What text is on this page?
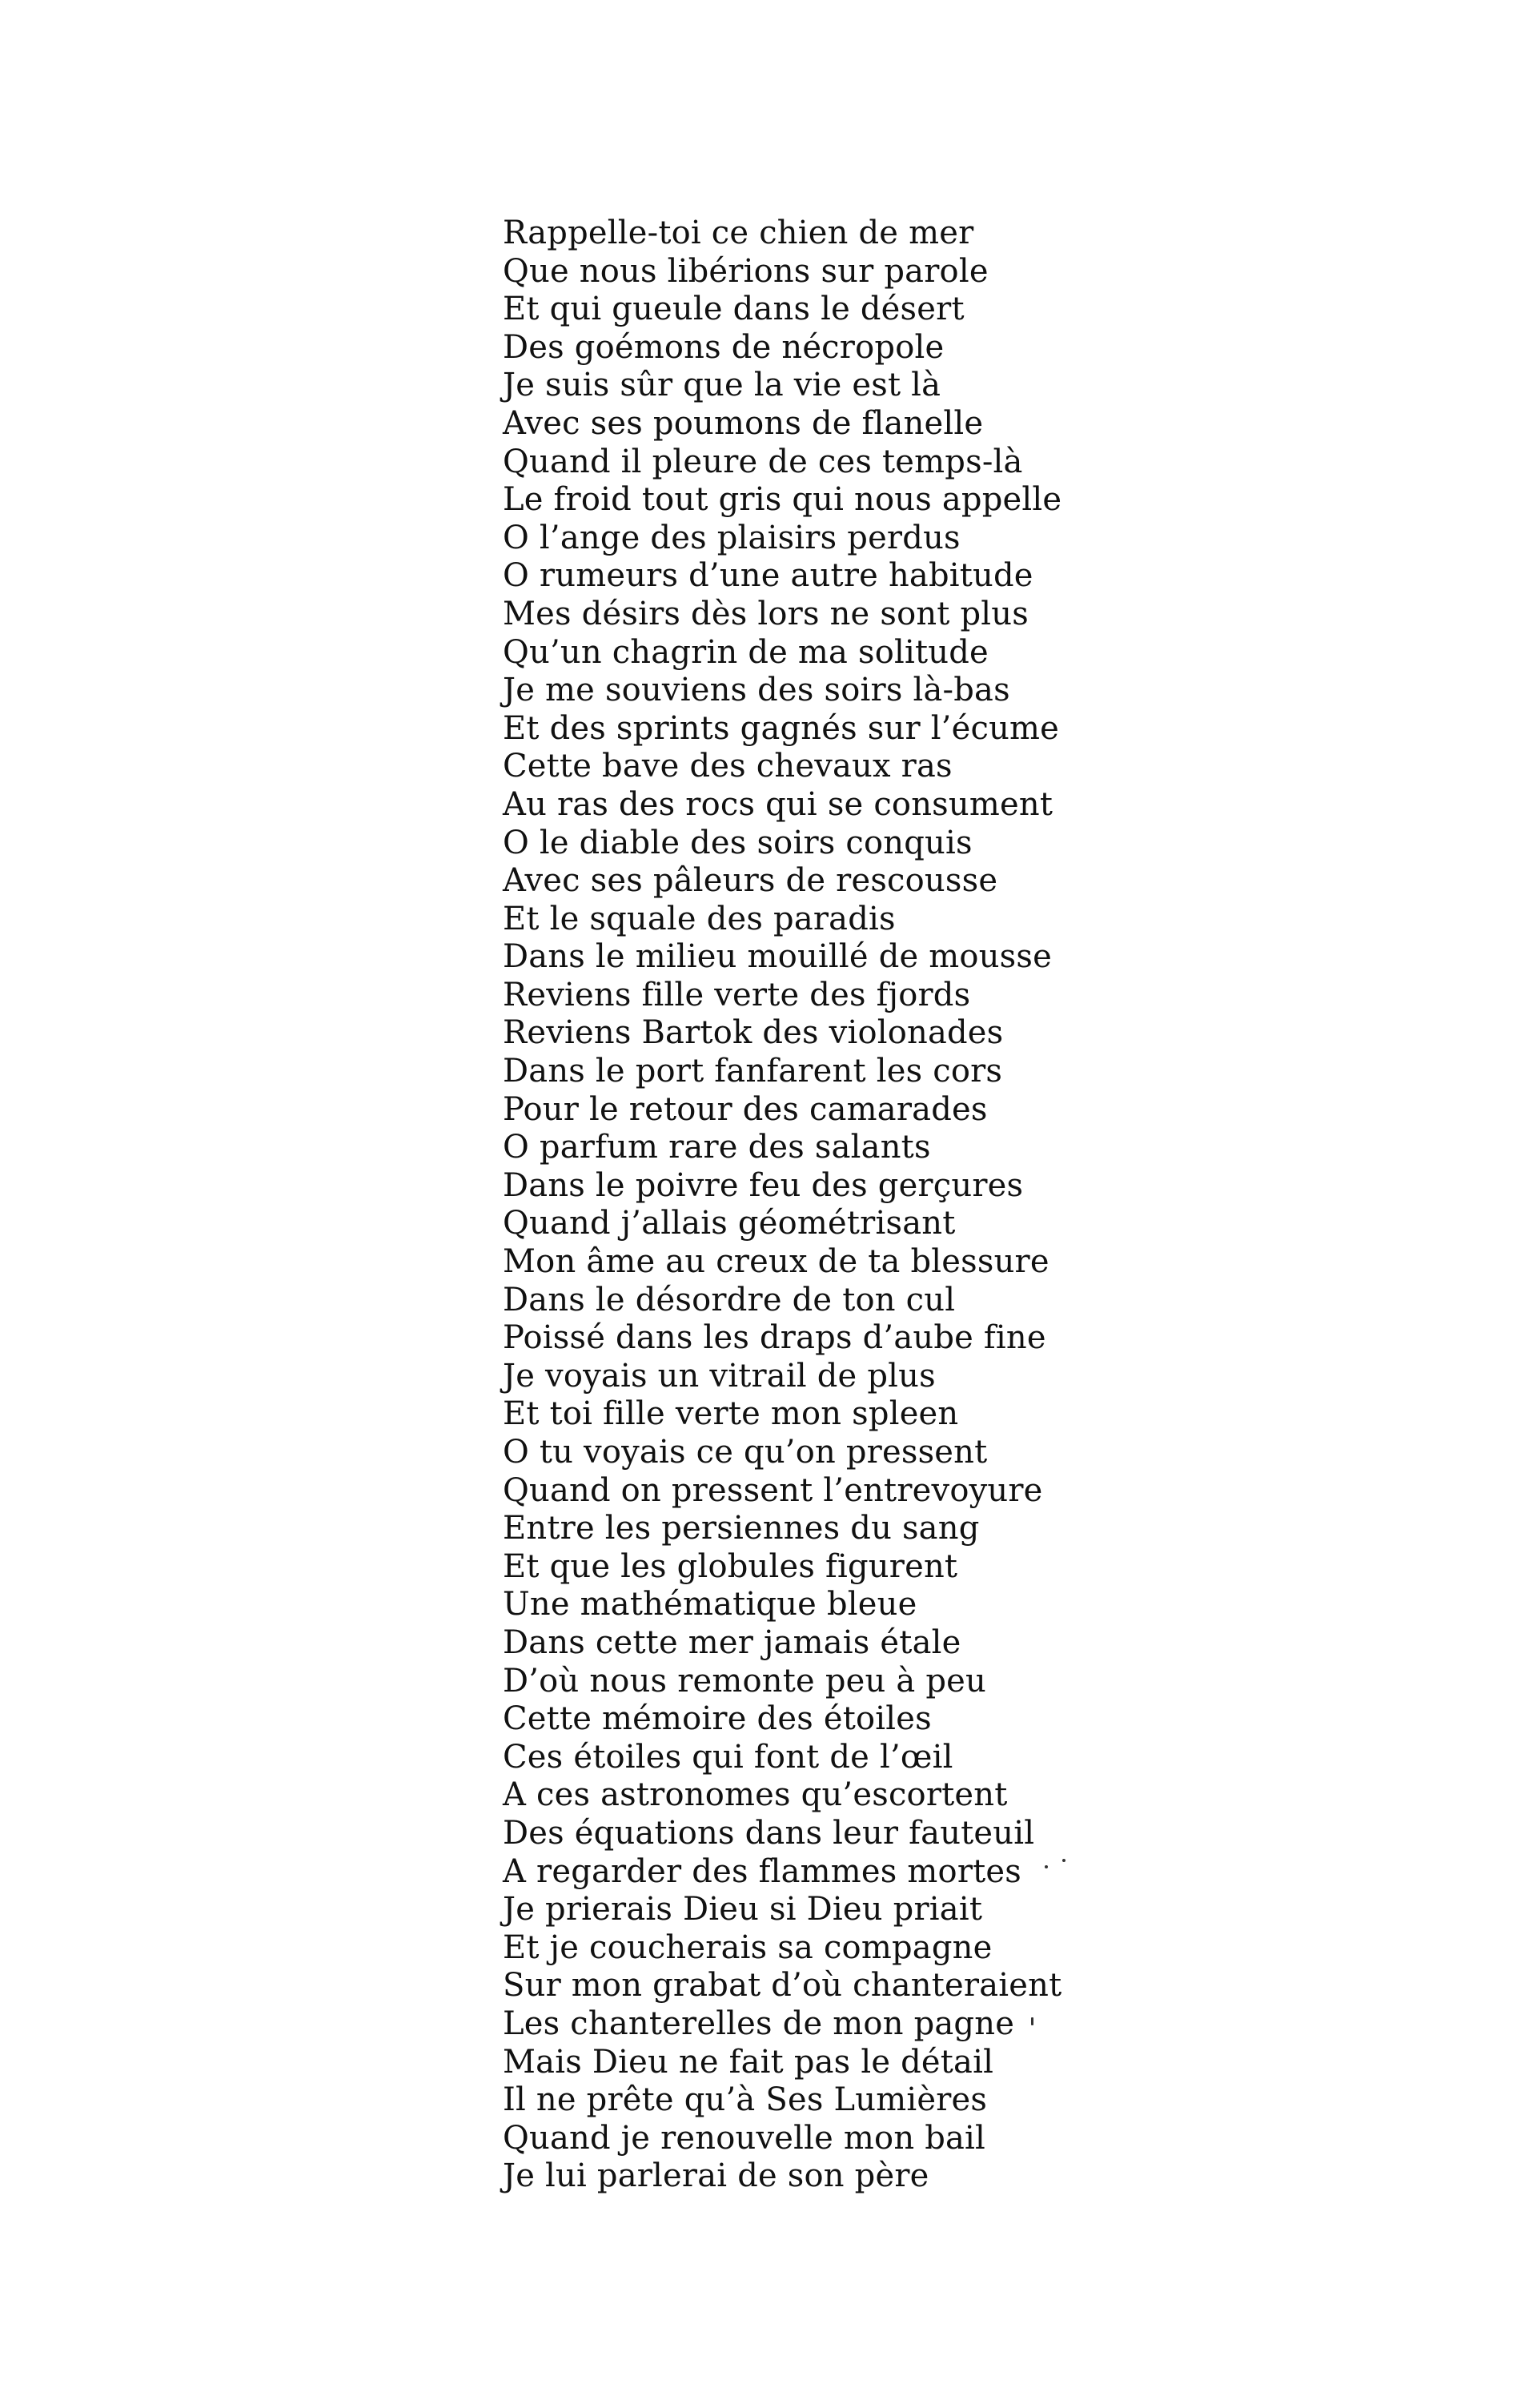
Rappelle-toi ce chien de mer
Que nous libérions sur parole
Et qui gueule dans le désert
Des goémons de nécropole
Je suis sûr que la vie est là
Avec ses poumons de flanelle
Quand il pleure de ces temps-là
Le froid tout gris qui nous appelle
O l’ange des plaisirs perdus
O rumeurs d’une autre habitude
Mes désirs dès lors ne sont plus
Qu’un chagrin de ma solitude
Je me souviens des soirs là-bas
Et des sprints gagnés sur l’écume
Cette bave des chevaux ras
Au ras des rocs qui se consument
O le diable des soirs conquis
Avec ses pâleurs de rescousse
Et le squale des paradis
Dans le milieu mouillé de mousse
Reviens fille verte des fjords
Reviens Bartok des violonades
Dans le port fanfarent les cors
Pour le retour des camarades
O parfum rare des salants
Dans le poivre feu des gerçures
Quand j’allais géométrisant
Mon âme au creux de ta blessure
Dans le désordre de ton cul
Poissé dans les draps d’aube fine
Je voyais un vitrail de plus
Et toi fille verte mon spleen
O tu voyais ce qu’on pressent
Quand on pressent l’entrevoyure
Entre les persiennes du sang
Et que les globules figurent
Une mathématique bleue
Dans cette mer jamais étale
D’où nous remonte peu à peu
Cette mémoire des étoiles
Ces étoiles qui font de l’œil
A ces astronomes qu’escortent
Des équations dans leur fauteuil
A regarder des flammes mortes
Je prierais Dieu si Dieu priait
Et je coucherais sa compagne
Sur mon grabat d’où chanteraient
Les chanterelles de mon pagne
Mais Dieu ne fait pas le détail
Il ne prête qu’à Ses Lumières
Quand je renouvelle mon bail
Je lui parlerai de son père
